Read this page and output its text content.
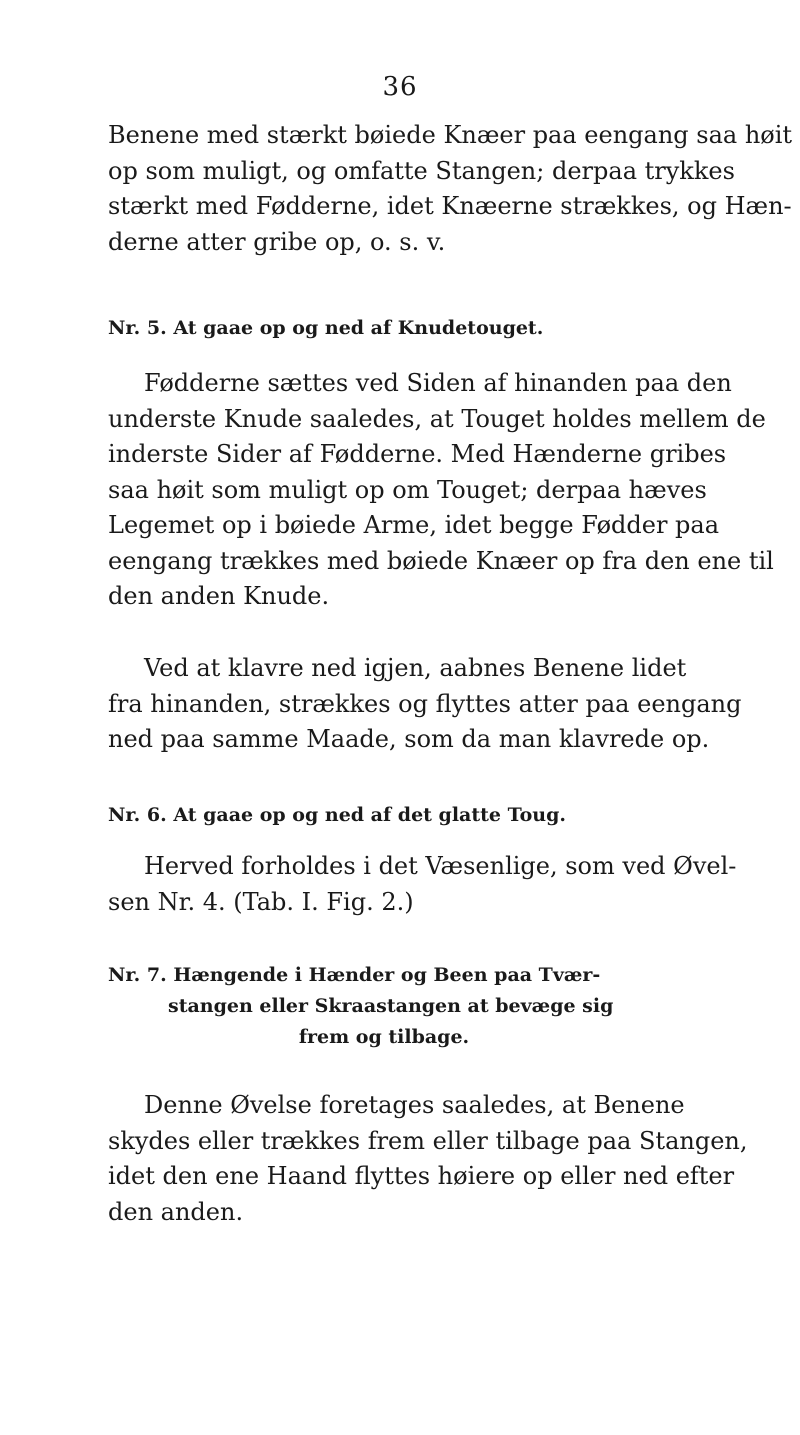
36
Benene med stærkt bøiede Knæer paa eengang saa høit
op som muligt, og omfatte Stangen; derpaa trykkes
stærkt med Fødderne, idet Knæerne strækkes, og Hæn-
derne atter gribe op, o. s. v.
Nr. 5. At gaae op og ned af Knudetouget.
Fødderne sættes ved Siden af hinanden paa den
underste Knude saaledes, at Touget holdes mellem de
inderste Sider af Fødderne. Med Hænderne gribes
saa høit som muligt op om Touget; derpaa hæves
Legemet op i bøiede Arme, idet begge Fødder paa
eengang trækkes med bøiede Knæer op fra den ene til
den anden Knude.
Ved at klavre ned igjen, aabnes Benene lidet
fra hinanden, strækkes og flyttes atter paa eengang
ned paa samme Maade, som da man klavrede op.
Nr. 6. At gaae op og ned af det glatte Toug.
Herved forholdes i det Væsenlige, som ved Øvel-
sen Nr. 4. (Tab. I. Fig. 2.)
Nr. 7. Hængende i Hænder og Been paa Tvær-
stangen eller Skraastangen at bevæge sig
frem og tilbage.
Denne Øvelse foretages saaledes, at Benene
skydes eller trækkes frem eller tilbage paa Stangen,
idet den ene Haand flyttes høiere op eller ned efter
den anden.
